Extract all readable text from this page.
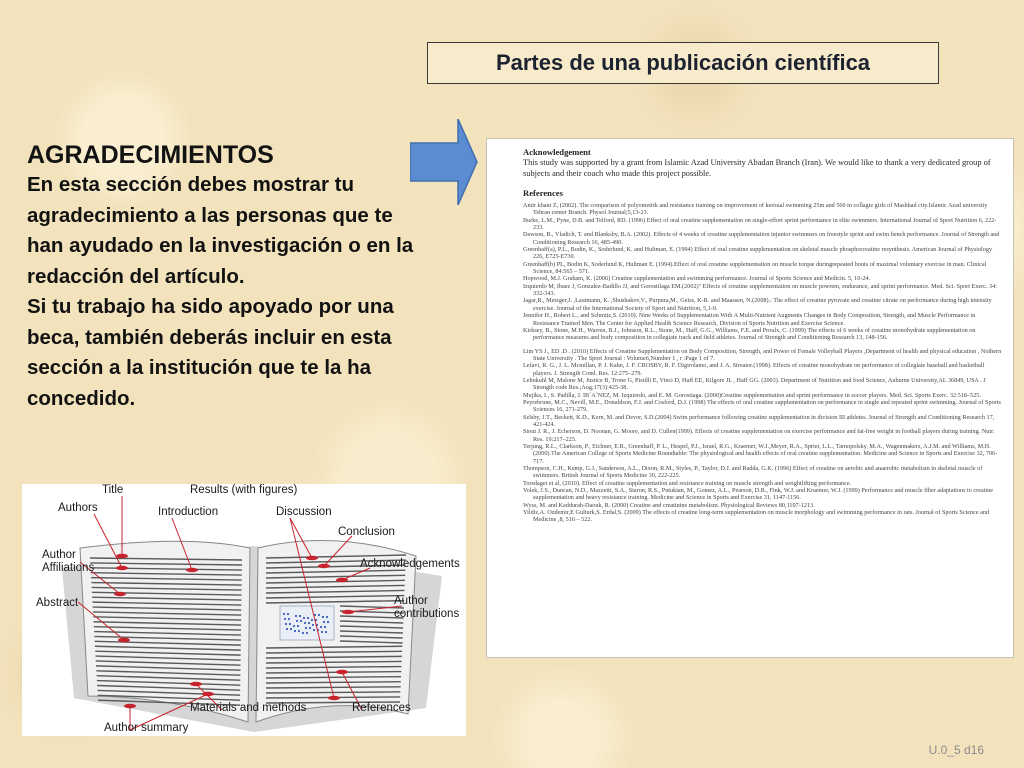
Partes de una publicación científica
AGRADECIMIENTOS
En esta sección debes mostrar tu agradecimiento a las personas que te han ayudado en la investigación o en la redacción del artículo.
Si tu trabajo ha sido apoyado por una beca, también deberás incluir en esta sección a la institución que te la ha concedido.
Acknowledgement
This study was supported by a grant from Islamic Azad University Abadan Branch (Iran). We would like to thank a very dedicated group of subjects and their coach who made this project possible.
References
Amir khani Z, (2002). The comparison of polyometrik and resistance training on improvement of keroual swimming 25m and 560 m collagie girls of Mashhad city.Islamic Azad university Tehran center Branch. Physol Journal;5,13-23.
Burke, L.M., Pyne, D.B. and Telford, RD. (1996) Effect of oral creatine supplementation on single-effort sprint performance in elite swimmers. International Journal of Sport Nutrition 6, 222-233.
Dawson, B., Vladich, T. and Blanksby, B.A. (2002). Effects of 4 weeks of creatine supplementation injunior swimmers on freestyle sprint and swim bench performance. Journal of Strength and Conditioning Research 16, 485-490.
Greenhaff(a), P.L., Bodin, K., Soderlund, K. and Hultman, E. (1994) Effect of oral creatine supplementation on skeletal muscle phosphocreatine resynthesis. American Journal of Physiology 226, E725-E730.
Greenhaff(b) PL, Bodin K, Soderlund K, Hultman E. (1994).Effect of oral creatine supplementation on muscle torque duringrepeated bouts of maximal voluntary exercise in man. Clinical Science, 84:565 – 571.
Hopwood, M.J. Graham, K. (2006) Creatine supplementation and swimming performance. Journal of Sports Science and Medicin. 5, 10-24.
Izquierdo M, Ibaez J, Gonzalez-Badillo JJ, and Gorostilaga EM.(2002)" Effects of creatine supplementation on muscle powrem, endurance, and sprint performance. Med. Sci. Sport Exerc. 34: 332-343.
Jagar,R., Metzger,J. ,Lautmann, K. ,Shushakov,V., Purpura,M., Geiss, K-R. and Maassen, N.(2008).: The effect of creatine pyruvate and creatine citrate on performance during high intensity exercise. Journal of the International Society of Sport and Nutrition, 5,1-9.
Jennifer H., Robert L., and Schmitz,S. (2010). Nine Weeks of Supplementation With A Multi-Nutrient Augments Changes in Body Composition, Strength, and Muscle Performance in Resistance Trained Men. The Center for Applied Health Science Research, Division of Sports Nutrition and Exercise Science.
Kirksey, B., Stone, M.H., Warren, B.J., Johnson, R.L., Stone, M., Haff, G.G., Williams, F.E. and Proulx, C. (1999) The effects of 6 weeks of creatine monohydrate supplementation on performance measures and body composition in collegiate track and field athletes. Journal of Strength and Conditioning Research 13, 148-156.
Lim YS J., ED .D . (2010) Effects of Creatine Supplementation on Body Composition, Strength, and Power of Female Volleyball Players ,Department of health and physical education , Nothern State University . The Sport Journal : Volume6,Number 1 , r :Page 1 of 7.
Lefavi, R. G., J. L. Mcmillan, P. J. Kahn, J. F. CROSBY, R. F. Digirolamo, and J. A. Streator.(1998). Effects of creatine monohydrate on performance of collegiate baseball and basketball players. J. Strength Cond. Res. 12:275–279.
Lehnkuhl M, Malone M, Justice B, Trone G, Pistilli E, Vinci D, Haff EE, Kilgore JL , Haff GG. (2003). Department of Nutrition and food Science, Auburne University,AL 36849, USA . J Strength code Res.;Aug;17(3):425-38.
Mujika, I., S. Padilla, J. IB´A˜NEZ, M. Izquierdo, and E. M. Gorostiaga. (2000)Creatine supplementation and sprint performance in soccer players. Med. Sci. Sports Exerc. 32:518–525.
Peyrebrune, M.C., Nevill, M.E., Donaldson, F.J. and Cosford, D.J. (1998) The effects of oral creatine supplementation on performance in single and repeated sprint swimming. Journal of Sports Sciences 16, 271-279.
Selsby, J.T., Beckett, K.D., Kern, M. and Devor, S.D.(2004) Swim performance following creatine supplementation in division III athletes. Journal of Strength and Conditioning Research 17, 421-424.
Stout J. R., J. Echerson, D. Noonan, G. Moore, and D. Cullen(1999). Effects of creatine supplementation on exercise performance and fat-free weight in football players during training. Nutr. Res. 19:217–225.
Terjung, R.L., Clarkson, P., Eichner, E.R., Greenhaff, P. L., Hespel, P.J., Israel, R.G., Kraemer, W.J.,Meyer, R.A., Spriet, L.L., Tarnopolsky, M.A., Wagenmakers, A.J.M. and Williams, M.H. (2000).The American College of Sports Medicine Roundtable: The physiological and health effects of oral creatine supplementation. Medicine and Science in Sports and Exercise 32, 706-717.
Thompson, C.H., Kemp, G.J., Sanderson, A.L., Dixon, R.M., Styles, P., Taylor, D.J. and Radda, G.K. (1996) Effect of creatine on aerobic and anaerobic metabolism in skeletal muscle of swimmers. British Journal of Sports Medicine 30, 222-225.
Torsdaget et al, (2010). Effect of creatine supplementation and resistance training on muscle strength and weightlifting performance.
Volek, J.S., Duncan, N.D., Mazzetti, S.A., Staron, R.S., Putukian, M., Gomez, A.L., Pearson, D.R., Fink, W.J. and Kraemer, W.J. (1999) Performance and muscle fiber adaptations to creatine supplementation and heavy resistance training. Medicine and Science in Sports and Exercise 31, 1147-1156.
Wyss, M. and Kaddurah-Daouk, R. (2000) Creatine and creatinine metabolism. Physiological Reviews 80,1107-1213.
Yildiz,A. Ozdemir,E Gulturk,S. Erdal,S. (2009) The effects of creatine long-term supplementation on muscle morphology and swimming performance in rats. Journal of Sports Science and Medicine ,8, 516 – 522.
Title	Results (with figures)
Authors	Introduction	Discussion
Conclusion
Author
Affiliations	Acknowledgements
Abstract	Author
contributions
Materials and methods	References
Author summary
U.0_5 d16
